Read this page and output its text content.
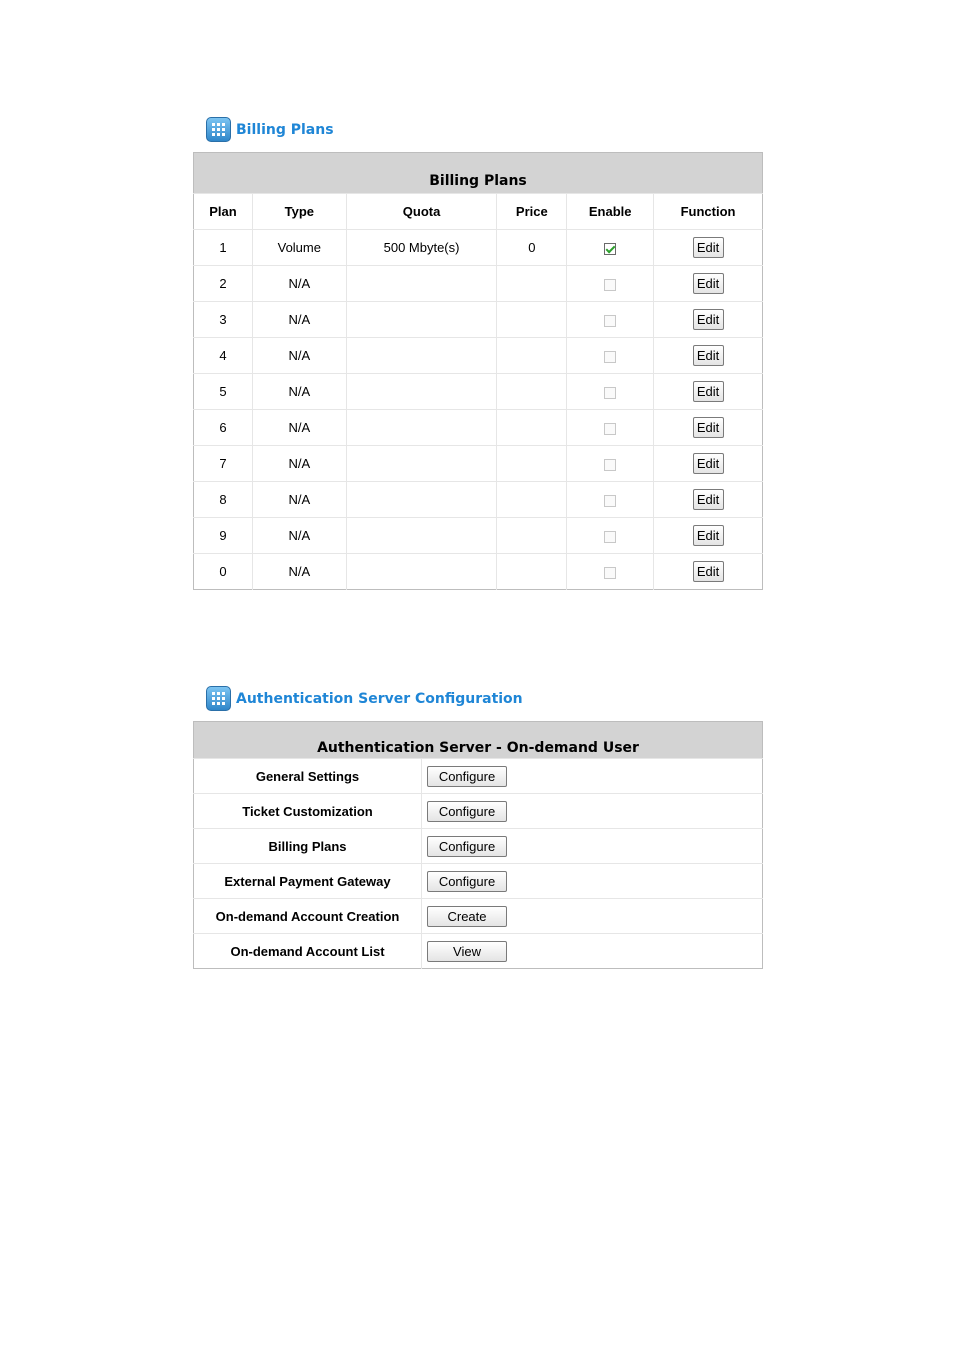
Billing Plans
Billing Plans					
Plan	Type	Quota	Price	Enable	Function
1	Volume	500 Mbyte(s)	0		Edit
2	N/A				Edit
3	N/A				Edit
4	N/A				Edit
5	N/A				Edit
6	N/A				Edit
7	N/A				Edit
8	N/A				Edit
9	N/A				Edit
0	N/A				Edit
Authentication Server Configuration
Authentication Server - On-demand User	
General Settings	Configure
Ticket Customization	Configure
Billing Plans	Configure
External Payment Gateway	Configure
On-demand Account Creation	Create
On-demand Account List	View
